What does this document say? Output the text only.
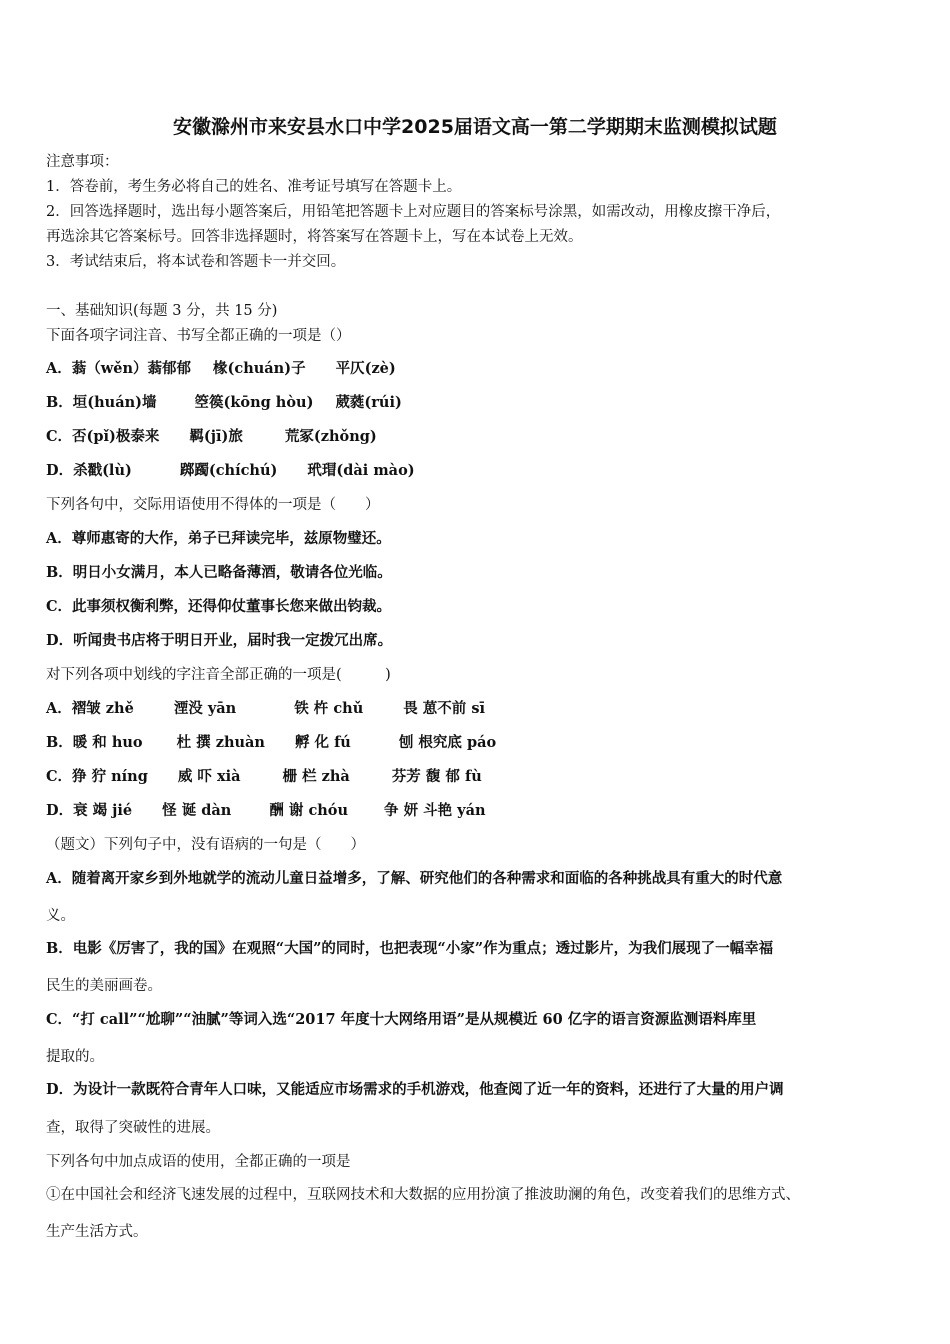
安徽滁州市来安县水口中学2025届语文高一第二学期期末监测模拟试题
注意事项：
1．答卷前，考生务必将自己的姓名、准考证号填写在答题卡上。
2．回答选择题时，选出每小题答案后，用铅笔把答题卡上对应题目的答案标号涂黑，如需改动，用橡皮擦干净后，
再选涂其它答案标号。回答非选择题时，将答案写在答题卡上，写在本试卷上无效。
3．考试结束后，将本试卷和答题卡一并交回。
一、基础知识(每题 3 分，共 15 分)
下面各项字词注音、书写全都正确的一项是（）
A．蓊（wěn）蓊郁郁 椽(chuán)子 平仄(zè)
B．垣(huán)墙	箜篌(kōng hòu) 葳蕤(rúi)
C．否(pǐ)极泰来 羁(jī)旅	荒冢(zhǒng)
D．杀戳(lù)	踯躅(chíchú) 玳瑁(dài mào)
下列各句中，交际用语使用不得体的一项是（　　）
A．尊师惠寄的大作，弟子已拜读完毕，兹原物璧还。
B．明日小女满月，本人已略备薄酒，敬请各位光临。
C．此事须权衡利弊，还得仰仗董事长您来做出钧裁。
D．听闻贵书店将于明日开业，届时我一定拨冗出席。
对下列各项中划线的字注音全部正确的一项是(　　　)
A．褶皱 zhě	湮没 yān	铁 杵 chǔ	畏 葸不前 sī
B．暖 和 huo 杜 撰 zhuàn 孵 化 fú	刨 根究底 páo
C．狰 狞 níng 威 吓 xià	栅 栏 zhà	芬芳 馥 郁 fù
D．衰 竭 jié 怪 诞 dàn	酬 谢 chóu 争 妍 斗艳 yán
（题文）下列句子中，没有语病的一句是（　　）
A．随着离开家乡到外地就学的流动儿童日益增多，了解、研究他们的各种需求和面临的各种挑战具有重大的时代意
义。
B．电影《厉害了，我的国》在观照“大国”的同时，也把表现“小家”作为重点；透过影片，为我们展现了一幅幸福
民生的美丽画卷。
C．“打 call”“尬聊”“油腻”等词入选“2017 年度十大网络用语”是从规模近 60 亿字的语言资源监测语料库里
提取的。
D．为设计一款既符合青年人口味，又能适应市场需求的手机游戏，他查阅了近一年的资料，还进行了大量的用户调
查，取得了突破性的进展。
下列各句中加点成语的使用，全都正确的一项是
①在中国社会和经济飞速发展的过程中，互联网技术和大数据的应用扮演了推波助澜的角色，改变着我们的思维方式、
生产生活方式。
